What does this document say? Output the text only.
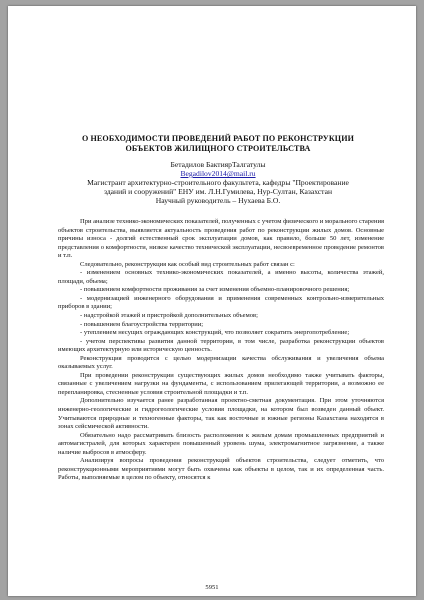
О НЕОБХОДИМОСТИ ПРОВЕДЕНИЙ РАБОТ ПО РЕКОНСТРУКЦИИ
ОБЪЕКТОВ ЖИЛИЩНОГО СТРОИТЕЛЬСТВА
Бетадилов БактиярТалгатулы
Begadilov2014@mail.ru
Магистрант архитектурно-строительного факультета, кафедры "Проектирование
зданий и сооружений" ЕНУ им. Л.Н.Гумилева, Нур-Султан, Казахстан
Научный руководитель – Нухаева Б.О.

При анализе технико-экономических показателей, полученных с учетом физического и морального старения объектов строительства, выявляется актуальность проведения работ по реконструкции жилых домов. Основные причины износа - долгий естественный срок эксплуатации домов, как правило, больше 50 лет, изменение представления о комфортности, низкое качество технической эксплуатации, несвоевременное проведение ремонтов и т.п.

Следовательно, реконструкция как особый вид строительных работ связан с:

- изменением основных технико-экономических показателей, а именно высоты, количества этажей, площади, объема;

- повышением комфортности проживания за счет изменения объемно-планировочного решения;

- модернизацией инженерного оборудования и применения современных контрольно-измерительных приборов в здании;

- надстройкой этажей и пристройкой дополнительных объемов;

- повышением благоустройства территории;

- утеплением несущих ограждающих конструкций, что позволяет сократить энергопотребление;

- учетом перспективы развития данной территории, в том числе, разработка реконструкции объектов имеющих архитектурную или историческую ценность.

Реконструкция проводится с целью модернизации качества обслуживания и увеличения объема оказываемых услуг.

При проведении реконструкции существующих жилых домов необходимо также учитывать факторы, связанные с увеличением нагрузки на фундаменты, с использованием прилегающей территории, а возможно ее перепланировка, стесненные условия строительной площадки и т.п.

Дополнительно изучается ранее разработанная проектно-сметная документация. При этом уточняются инженерно-геологические и гидрогеологические условия площадки, на котором был возведен данный объект. Учитываются природные и техногенные факторы, так как восточные и южные регионы Казахстана находятся в зонах сейсмической активности.

Обязательно надо рассматривать близость расположения к жилым домам промышленных предприятий и автомагистралей, для которых характерен повышенный уровень шума, электромагнитное загрязнение, а также наличие выбросов в атмосферу.

Анализируя вопросы проведения реконструкций объектов строительства, следует отметить, что реконструкционными мероприятиями могут быть охвачены как объекты в целом, так и их определенная часть. Работы, выполняемые в целом по объекту, относятся к

5951
